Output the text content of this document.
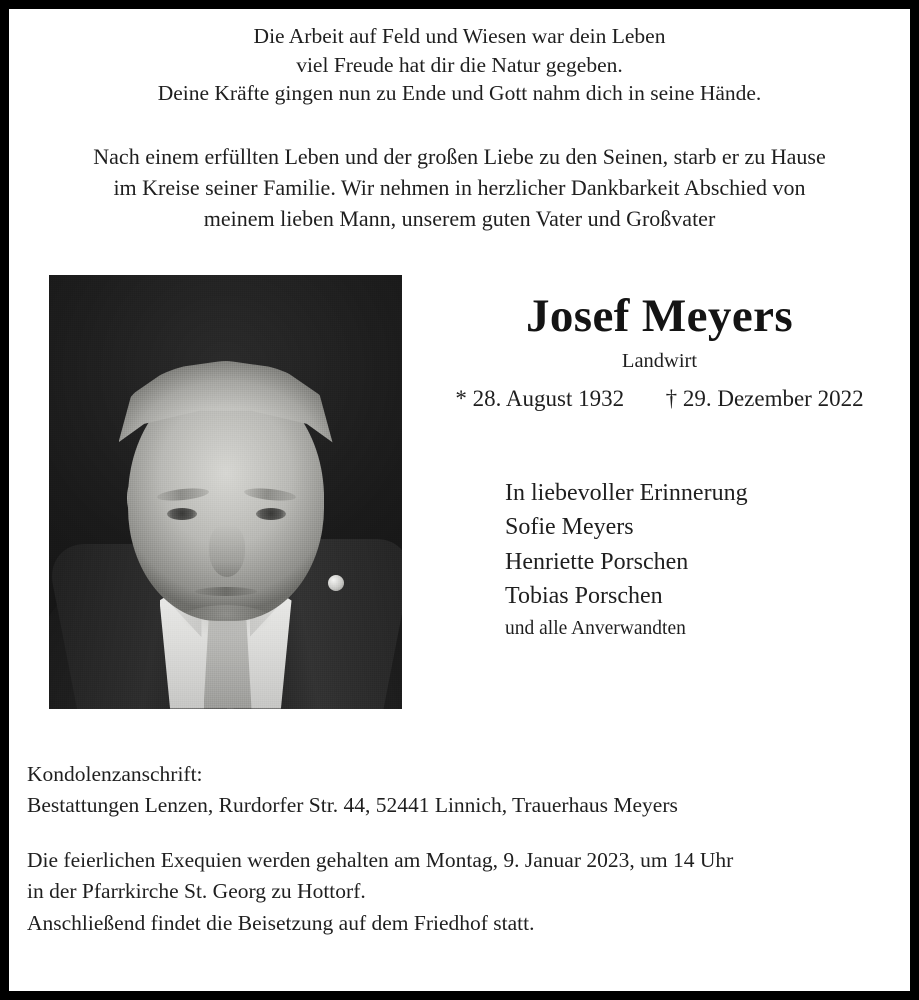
Die Arbeit auf Feld und Wiesen war dein Leben
viel Freude hat dir die Natur gegeben.
Deine Kräfte gingen nun zu Ende und Gott nahm dich in seine Hände.
Nach einem erfüllten Leben und der großen Liebe zu den Seinen, starb er zu Hause
im Kreise seiner Familie. Wir nehmen in herzlicher Dankbarkeit Abschied von
meinem lieben Mann, unserem guten Vater und Großvater
Josef Meyers
Landwirt
* 28. August 1932 † 29. Dezember 2022
In liebevoller Erinnerung
Sofie Meyers
Henriette Porschen
Tobias Porschen
und alle Anverwandten
Kondolenzanschrift:
Bestattungen Lenzen, Rurdorfer Str. 44, 52441 Linnich, Trauerhaus Meyers
Die feierlichen Exequien werden gehalten am Montag, 9. Januar 2023, um 14 Uhr
in der Pfarrkirche St. Georg zu Hottorf.
Anschließend findet die Beisetzung auf dem Friedhof statt.
